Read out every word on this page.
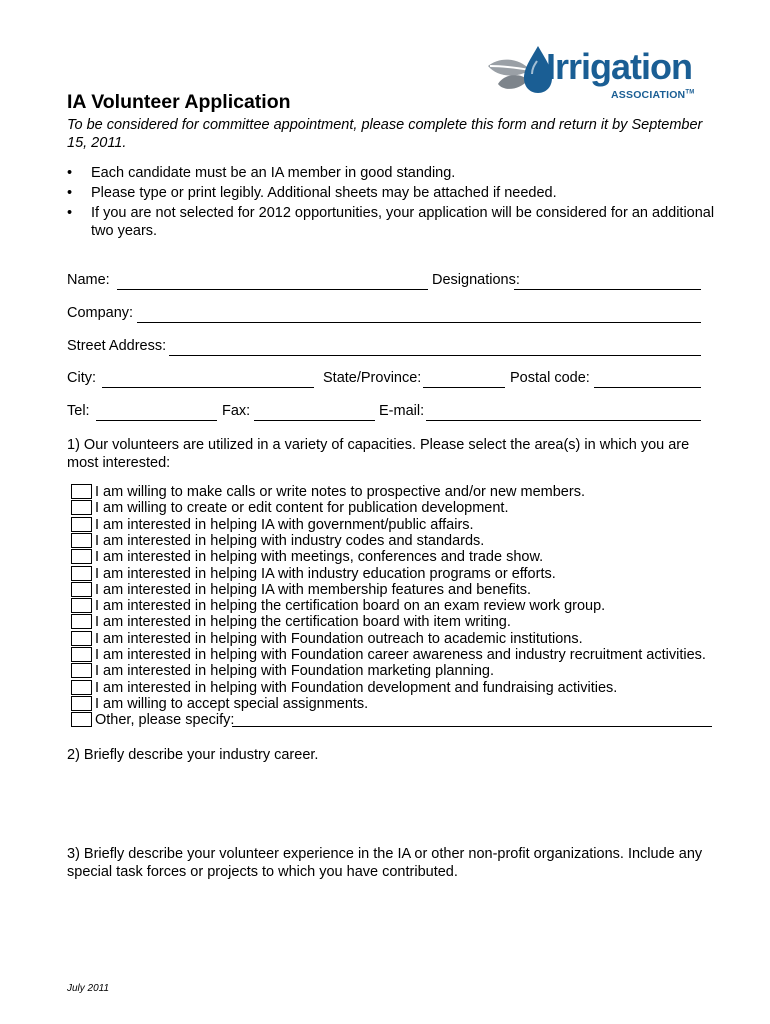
Irrigation
ASSOCIATION™
IA Volunteer Application
To be considered for committee appointment, please complete this form and return it by September 15, 2011.
• Each candidate must be an IA member in good standing.
• Please type or print legibly. Additional sheets may be attached if needed.
• If you are not selected for 2012 opportunities, your application will be considered for an additional two years.
Name:	Designations:
Company:
Street Address:
City:	State/Province:	Postal code:
Tel:	Fax:	E-mail:
1) Our volunteers are utilized in a variety of capacities. Please select the area(s) in which you are most interested:
I am willing to make calls or write notes to prospective and/or new members.
I am willing to create or edit content for publication development.
I am interested in helping IA with government/public affairs.
I am interested in helping with industry codes and standards.
I am interested in helping with meetings, conferences and trade show.
I am interested in helping IA with industry education programs or efforts.
I am interested in helping IA with membership features and benefits.
I am interested in helping the certification board on an exam review work group.
I am interested in helping the certification board with item writing.
I am interested in helping with Foundation outreach to academic institutions.
I am interested in helping with Foundation career awareness and industry recruitment activities.
I am interested in helping with Foundation marketing planning.
I am interested in helping with Foundation development and fundraising activities.
I am willing to accept special assignments.
Other, please specify:
2) Briefly describe your industry career.
3) Briefly describe your volunteer experience in the IA or other non-profit organizations. Include any special task forces or projects to which you have contributed.
July 2011
